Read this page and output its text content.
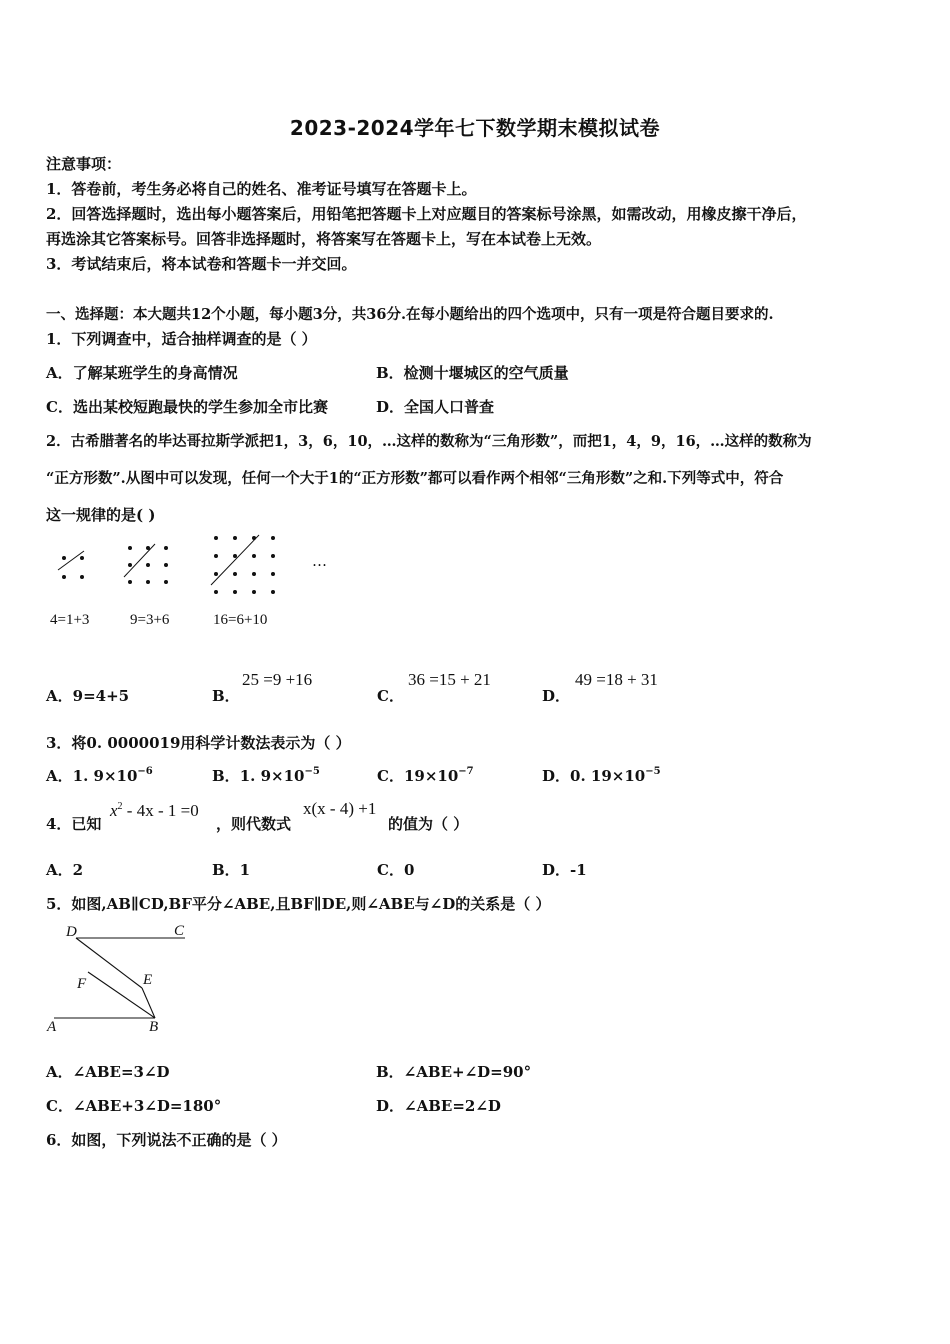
2023-2024学年七下数学期末模拟试卷
注意事项：
1．答卷前，考生务必将自己的姓名、准考证号填写在答题卡上。
2．回答选择题时，选出每小题答案后，用铅笔把答题卡上对应题目的答案标号涂黑，如需改动，用橡皮擦干净后，
再选涂其它答案标号。回答非选择题时，将答案写在答题卡上，写在本试卷上无效。
3．考试结束后，将本试卷和答题卡一并交回。
一、选择题：本大题共12个小题，每小题3分，共36分.在每小题给出的四个选项中，只有一项是符合题目要求的.
1．下列调查中，适合抽样调查的是（ ）
A．了解某班学生的身高情况	B．检测十堰城区的空气质量
C．选出某校短跑最快的学生参加全市比赛	D．全国人口普查
2．古希腊著名的毕达哥拉斯学派把1，3，6，10，…这样的数称为“三角形数”，而把1，4，9，16，…这样的数称为
“正方形数”.从图中可以发现，任何一个大于1的“正方形数”都可以看作两个相邻“三角形数”之和.下列等式中，符合
这一规律的是( )
…
4=1+3	9=3+6	16=6+10
A．9=4+5	B．
25 =9 +16
C．
36 =15 + 21
D．
49 =18 + 31
3．将0. 0000019用科学计数法表示为（ ）
A．1. $9\times 10^{-6}$	B．1. $9\times 10^{-5}$	C．$19\times 10^{-7}$	D．0. $19\times 10^{-5}$
4．已知
$x^2 - 4x - 1 =0$
，则代数式
x(x - 4) +1
的值为（ ）
A．2	B．1	C．0	D．-1
5．如图,AB∥CD,BF平分∠ABE,且BF∥DE,则∠ABE与∠D的关系是（ ）
D	C
E
F
A	B
A．∠ABE=3∠D	B．∠ABE+∠D=90°
C．∠ABE+3∠D=180°	D．∠ABE=2∠D
6．如图，下列说法不正确的是（ ）
